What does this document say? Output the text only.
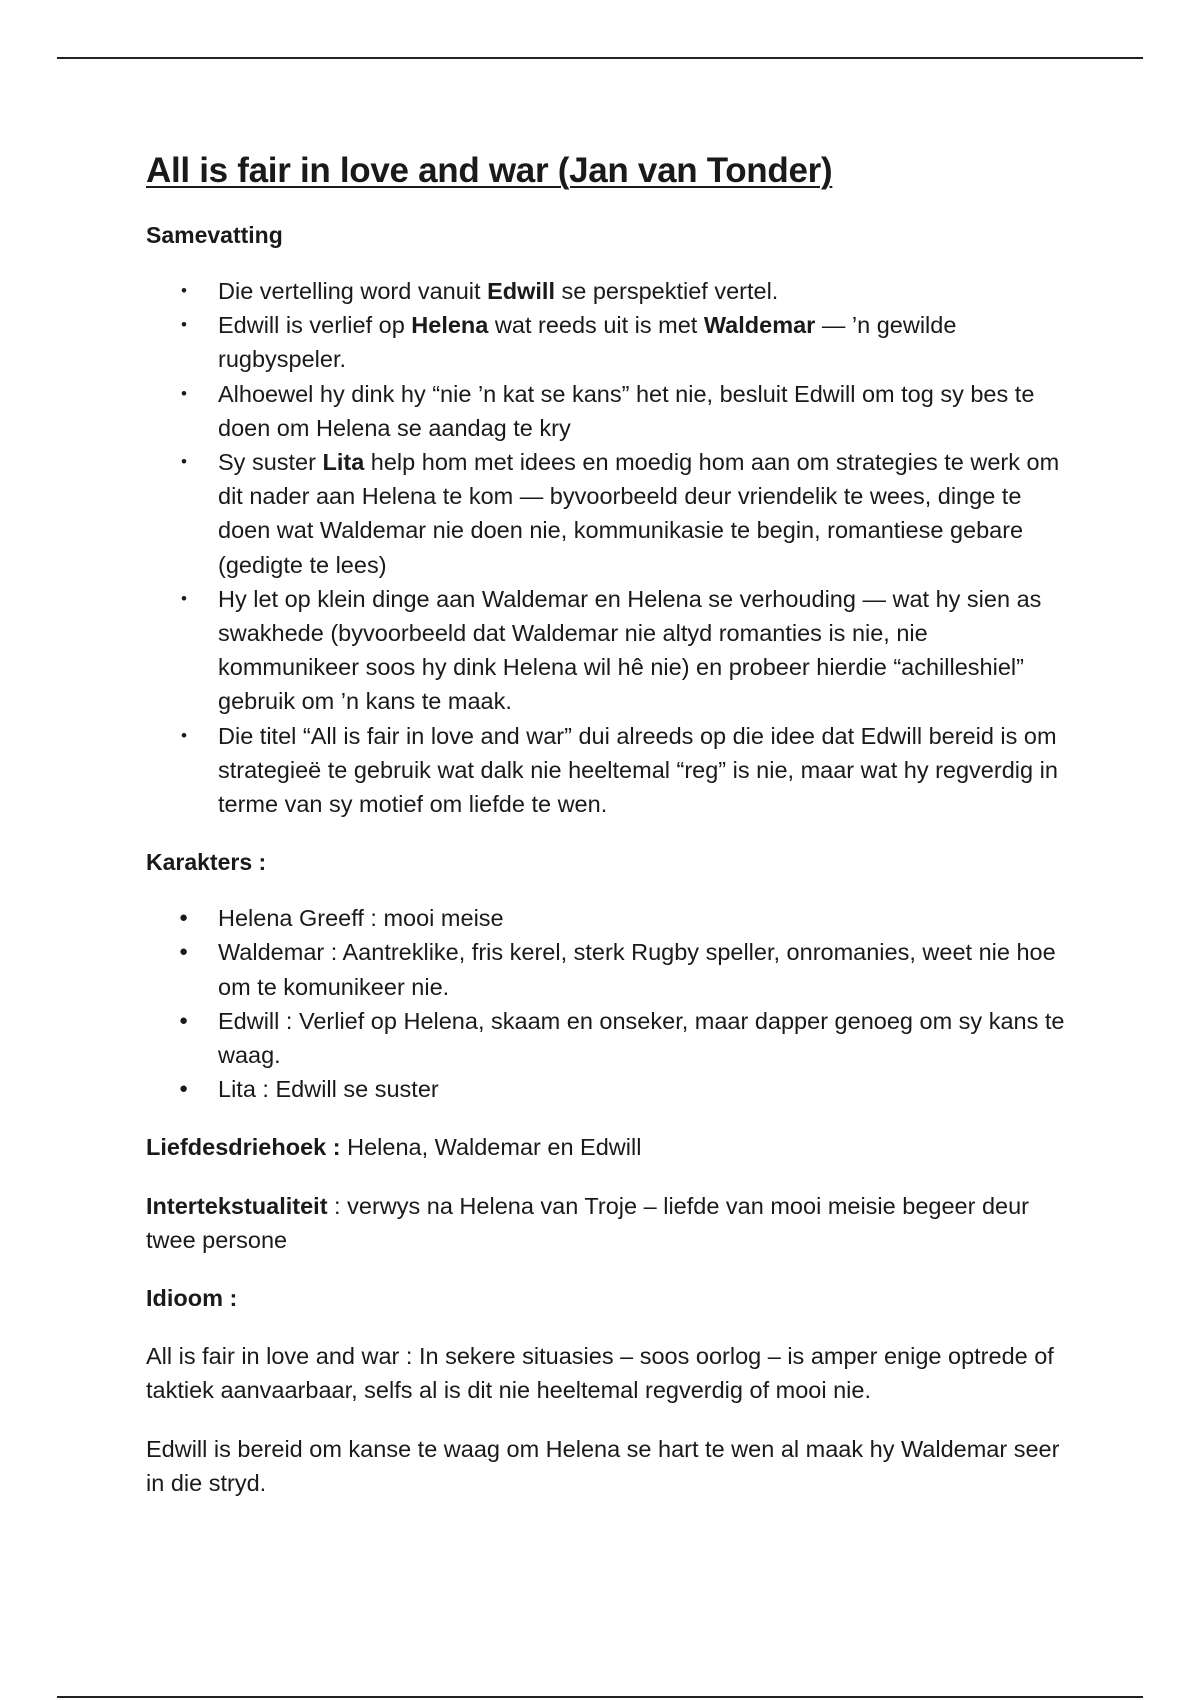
All is fair in love and war (Jan van Tonder)
Samevatting
• Die vertelling word vanuit Edwill se perspektief vertel.
• Edwill is verlief op Helena wat reeds uit is met Waldemar — ’n gewilde rugbyspeler.
• Alhoewel hy dink hy “nie ’n kat se kans” het nie, besluit Edwill om tog sy bes te doen om Helena se aandag te kry
• Sy suster Lita help hom met idees en moedig hom aan om strategies te werk om dit nader aan Helena te kom — byvoorbeeld deur vriendelik te wees, dinge te doen wat Waldemar nie doen nie, kommunikasie te begin, romantiese gebare (gedigte te lees)
• Hy let op klein dinge aan Waldemar en Helena se verhouding — wat hy sien as swakhede (byvoorbeeld dat Waldemar nie altyd romanties is nie, nie kommunikeer soos hy dink Helena wil hê nie) en probeer hierdie “achilleshiel” gebruik om ’n kans te maak.
• Die titel “All is fair in love and war” dui alreeds op die idee dat Edwill bereid is om strategieë te gebruik wat dalk nie heeltemal “reg” is nie, maar wat hy regverdig in terme van sy motief om liefde te wen.
Karakters :
● Helena Greeff : mooi meise
● Waldemar : Aantreklike, fris kerel, sterk Rugby speller, onromanies, weet nie hoe om te komunikeer nie.
● Edwill : Verlief op Helena, skaam en onseker, maar dapper genoeg om sy kans te waag.
● Lita : Edwill se suster

Liefdesdriehoek : Helena, Waldemar en Edwill

Intertekstualiteit : verwys na Helena van Troje – liefde van mooi meisie begeer deur twee persone

Idioom :

All is fair in love and war : In sekere situasies – soos oorlog – is amper enige optrede of taktiek aanvaarbaar, selfs al is dit nie heeltemal regverdig of mooi nie.

Edwill is bereid om kanse te waag om Helena se hart te wen al maak hy Waldemar seer in die stryd.
